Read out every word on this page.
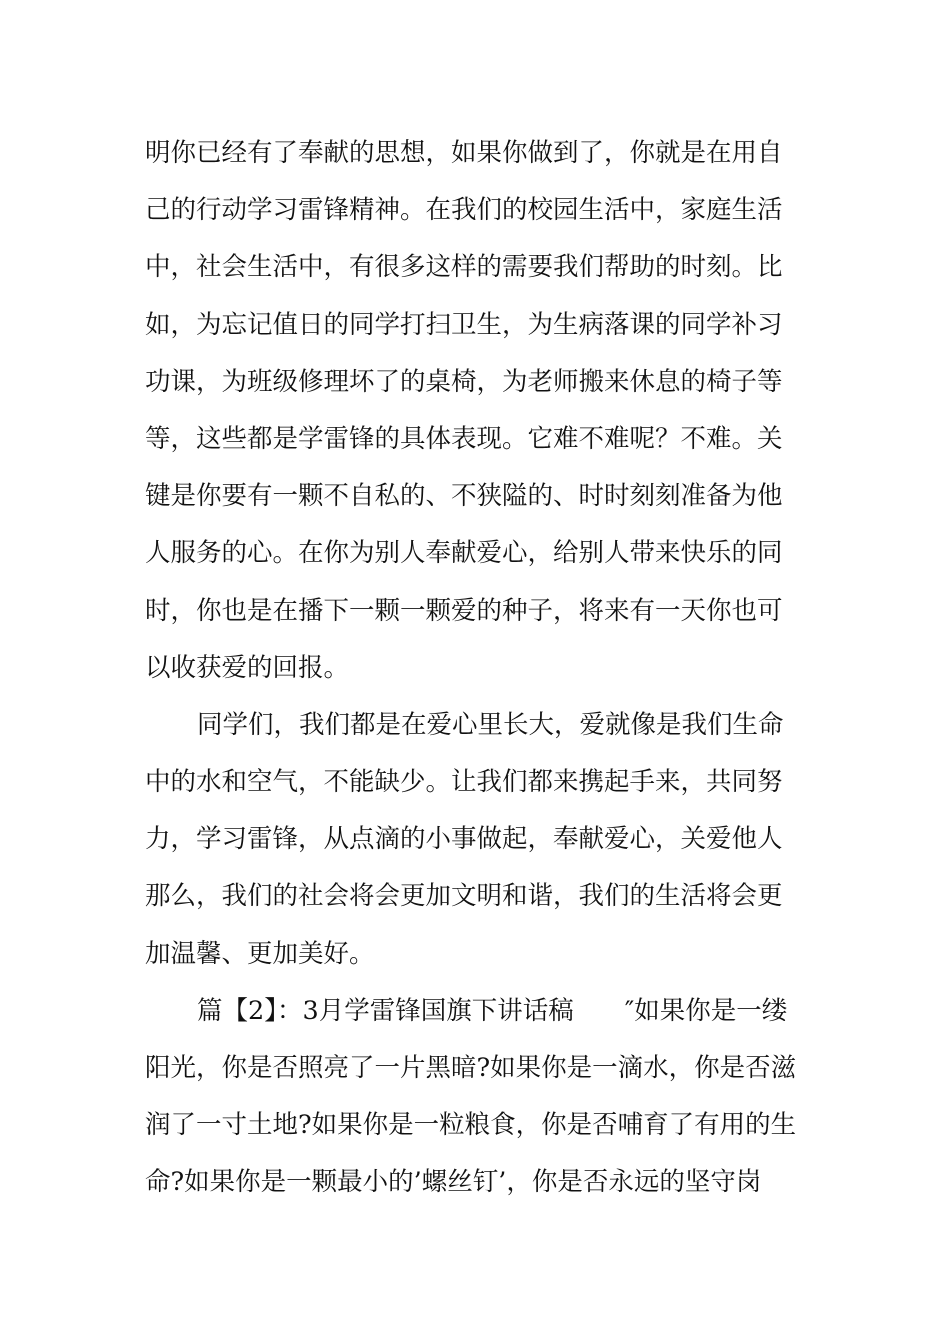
明你已经有了奉献的思想，如果你做到了，你就是在用自
己的行动学习雷锋精神。在我们的校园生活中，家庭生活
中，社会生活中，有很多这样的需要我们帮助的时刻。比
如，为忘记值日的同学打扫卫生，为生病落课的同学补习
功课，为班级修理坏了的桌椅，为老师搬来休息的椅子等
等，这些都是学雷锋的具体表现。它难不难呢？不难。关
键是你要有一颗不自私的、不狭隘的、时时刻刻准备为他
人服务的心。在你为别人奉献爱心，给别人带来快乐的同
时，你也是在播下一颗一颗爱的种子，将来有一天你也可
以收获爱的回报。
同学们，我们都是在爱心里长大，爱就像是我们生命
中的水和空气，不能缺少。让我们都来携起手来，共同努
力，学习雷锋，从点滴的小事做起，奉献爱心，关爱他人
那么，我们的社会将会更加文明和谐，我们的生活将会更
加温馨、更加美好。
篇【2】：3月学雷锋国旗下讲话稿　　″如果你是一缕
阳光，你是否照亮了一片黑暗?如果你是一滴水，你是否滋
润了一寸土地?如果你是一粒粮食，你是否哺育了有用的生
命?如果你是一颗最小的’螺丝钉’，你是否永远的坚守岗
